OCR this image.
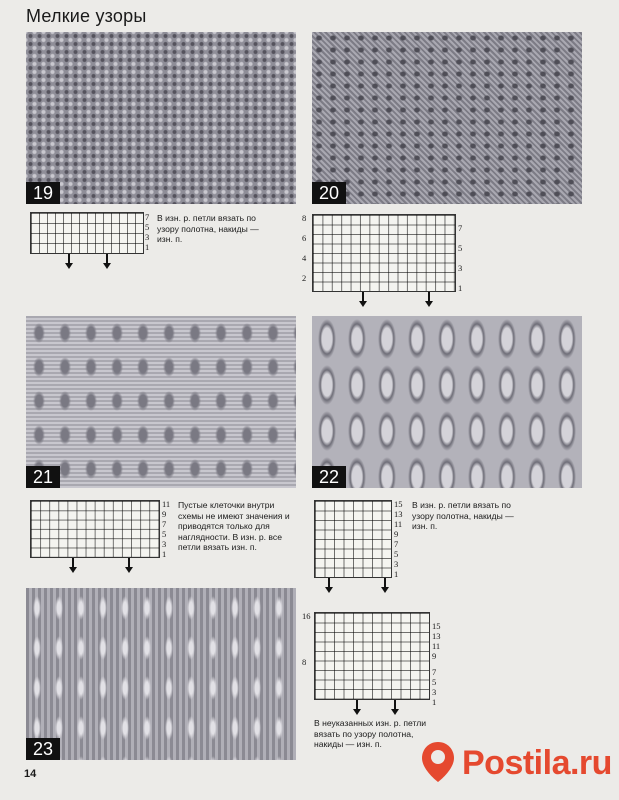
Мелкие узоры
19	20
21	22
23
7
5
3
1

В изн. р. петли вязать по
узору полотна, накиды —
изн. п.

8
6
4
2
7
5
3
1
11
9
7
5
3
1

Пустые клеточки внутри
схемы не имеют значения и
приводятся только для
наглядности. В изн. р. все
петли вязать изн. п.

15
13
11
9
7
5
3
1

В изн. р. петли вязать по
узору полотна, накиды —
изн. п.

16
8
15
13
11
9
7
5
3
1

В неуказанных изн. р. петли
вязать по узору полотна,
накиды — изн. п.

14	Postila.ru
